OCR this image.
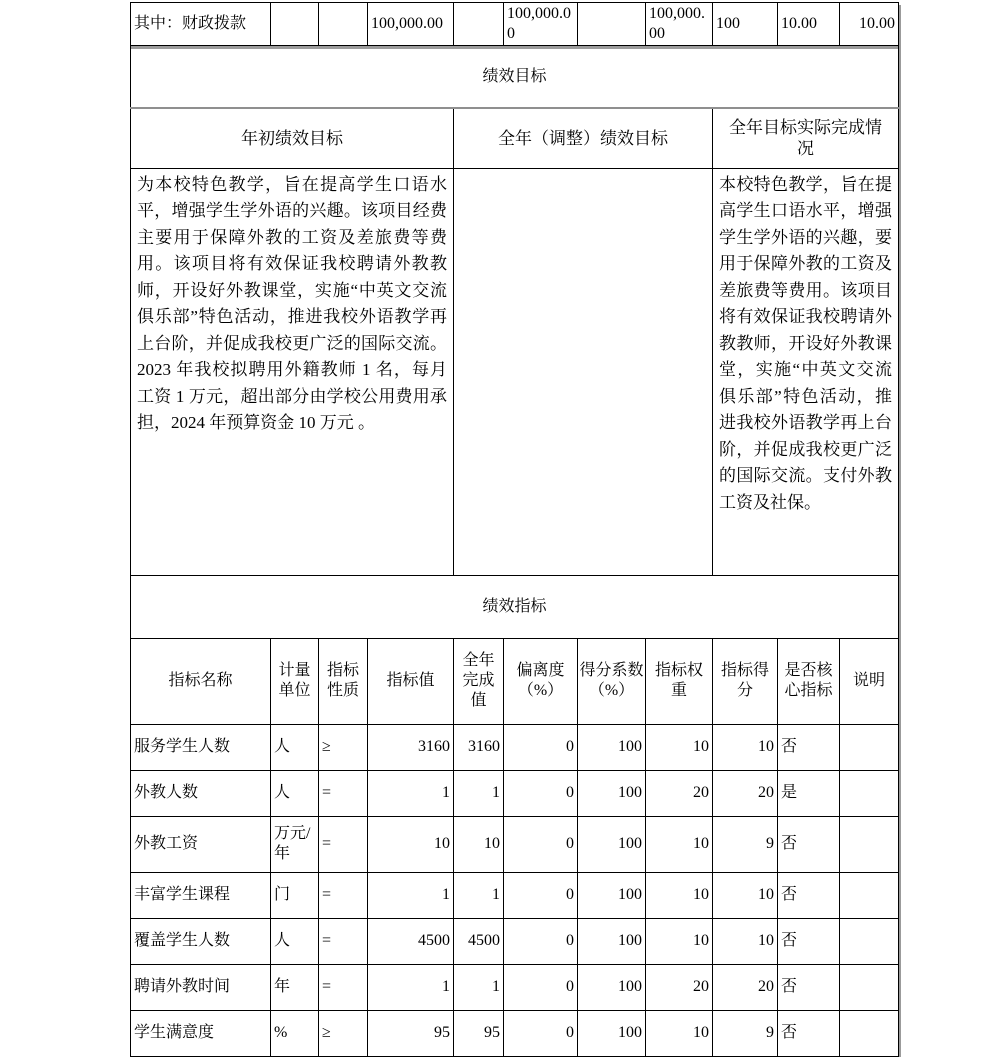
其中：财政拨款			100,000.00		100,000.00		100,000.00	100	10.00	10.00
绩效目标										
年初绩效目标				全年（调整）绩效目标				全年目标实际完成情况		
为本校特色教学，旨在提高学生口语水平，增强学生学外语的兴趣。该项目经费主要用于保障外教的工资及差旅费等费用。该项目将有效保证我校聘请外教教师，开设好外教课堂，实施“中英文交流俱乐部”特色活动，推进我校外语教学再上台阶，并促成我校更广泛的国际交流。2023 年我校拟聘用外籍教师 1 名，每月工资 1 万元，超出部分由学校公用费用承担，2024 年预算资金 10 万元 。								本校特色教学，旨在提高学生口语水平，增强学生学外语的兴趣，要用于保障外教的工资及差旅费等费用。该项目将有效保证我校聘请外教教师，开设好外教课堂，实施“中英文交流俱乐部”特色活动，推进我校外语教学再上台阶，并促成我校更广泛的国际交流。支付外教工资及社保。		
绩效指标										
指标名称	计量单位	指标性质	指标值	全年完成值	偏离度（%）	得分系数（%）	指标权重	指标得分	是否核心指标	说明
服务学生人数	人	≥	3160	3160	0	100	10	10	否	
外教人数	人	=	1	1	0	100	20	20	是	
外教工资	万元/年	=	10	10	0	100	10	9	否	
丰富学生课程	门	=	1	1	0	100	10	10	否	
覆盖学生人数	人	=	4500	4500	0	100	10	10	否	
聘请外教时间	年	=	1	1	0	100	20	20	否	
学生满意度	%	≥	95	95	0	100	10	9	否	
